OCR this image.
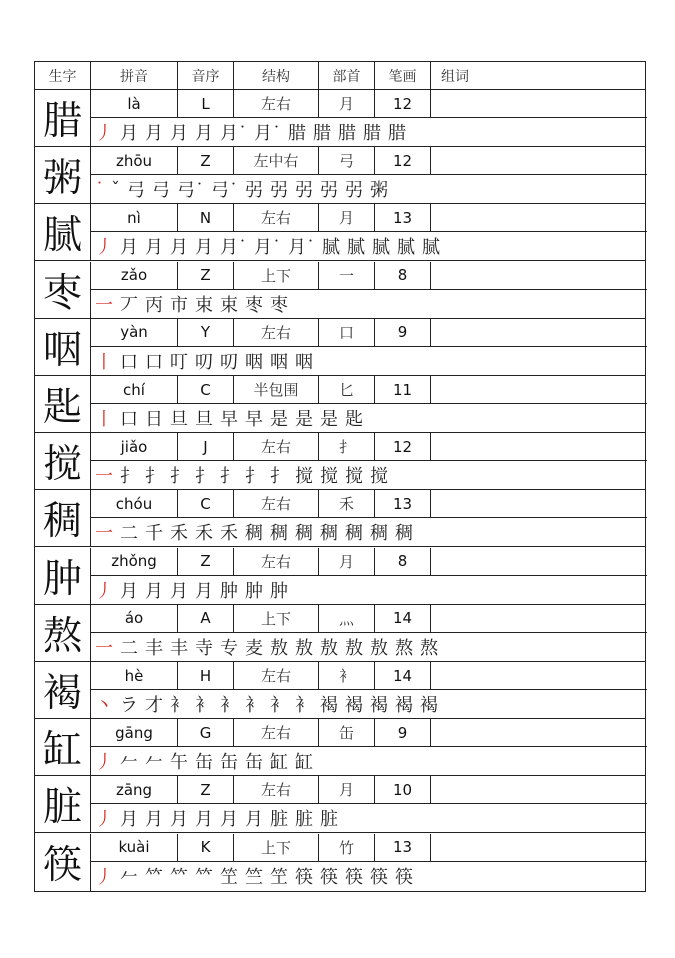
生字	拼音	音序	结构	部首 笔画 组词
腊	là	L	左右	月	12
丿 月 月 月 月 月˙ 月˙ 腊 腊 腊 腊 腊
粥	zhōu	Z	左中右	弓	12
˙ ˇ 弓 弓 弓˙ 弓˙ 弜 弜 弜 弜 弜 粥
腻	nì	N	左右	月	13
丿 月 月 月 月 月˙ 月˙ 月˙ 腻 腻 腻 腻 腻
枣	zǎo	Z	上下	一	8
一 丆 丙 市 束 束 枣 枣
咽	yàn	Y	左右	口	9
丨 口 口 叮 叨 叨 咽 咽 咽
匙	chí	C	半包围	匕	11
丨 口 日 旦 旦 早 早 是 是 是 匙
搅	jiǎo	J	左右	扌	12
一 扌 扌 扌 扌 扌 扌 扌 搅 搅 搅 搅
稠	chóu	C	左右	禾	13
一 二 千 禾 禾 禾 稠 稠 稠 稠 稠 稠 稠
肿	zhǒng	Z	左右	月	8
丿 月 月 月 月 肿 肿 肿
熬	áo	A	上下	灬	14
一 二 丰 丰 寺 专 麦 敖 敖 敖 敖 敖 熬 熬
褐	hè	H	左右	衤	14
丶 ラ 才 衤 衤 衤 衤 衤 衤 褐 褐 褐 褐 褐
缸	gāng	G	左右	缶	9
丿 𠂉 𠂉 午 缶 缶 缶 缸 缸
脏	zāng	Z	左右	月	10
丿 月 月 月 月 月 月 脏 脏 脏
筷	kuài	K	上下	竹	13
丿 𠂉 𥫗 𥫗 𥫗 笁 竺 笁 筷 筷 筷 筷 筷
